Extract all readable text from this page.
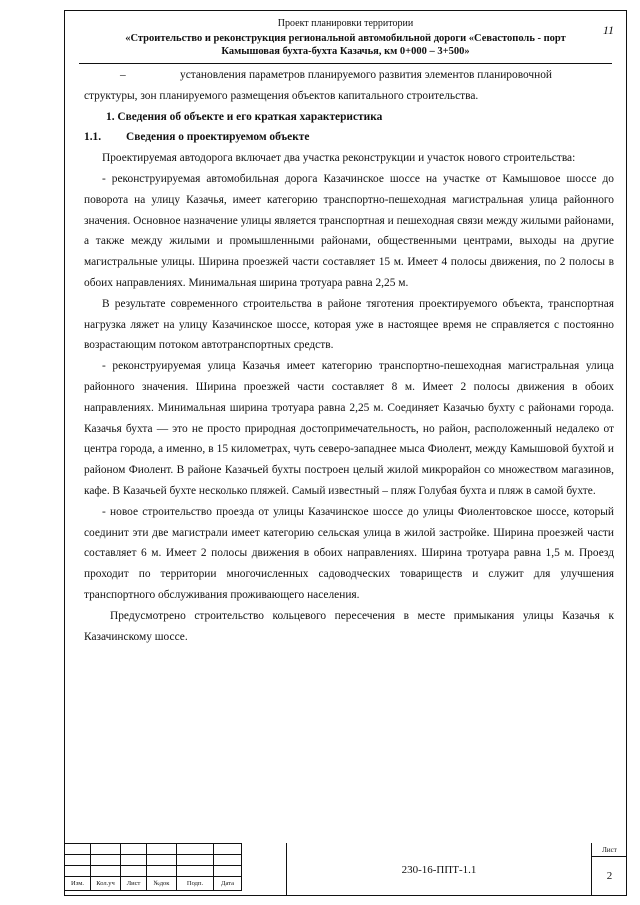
Проект планировки территории
«Строительство и реконструкция региональной автомобильной дороги «Севастополь - порт
Камышовая бухта-бухта Казачья, км 0+000 – 3+500»
11

–	установления параметров планируемого развития элементов планировочной

структуры, зон планируемого размещения объектов капитального строительства.

1. Сведения об объекте и его краткая характеристика

1.1. Сведения о проектируемом объекте

Проектируемая автодорога включает два участка реконструкции и участок нового строительства:

- реконструируемая автомобильная дорога Казачинское шоссе на участке от Камышовое шоссе до поворота на улицу Казачья, имеет категорию транспортно-пешеходная магистральная улица районного значения. Основное назначение улицы является транспортная и пешеходная связи между жилыми районами, а также между жилыми и промышленными районами, общественными центрами, выходы на другие магистральные улицы. Ширина проезжей части составляет 15 м. Имеет 4 полосы движения, по 2 полосы в обоих направлениях. Минимальная ширина тротуара равна 2,25 м.

В результате современного строительства в районе тяготения проектируемого объекта, транспортная нагрузка ляжет на улицу Казачинское шоссе, которая уже в настоящее время не справляется с постоянно возрастающим потоком автотранспортных средств.

- реконструируемая улица Казачья имеет категорию транспортно-пешеходная магистральная улица районного значения. Ширина проезжей части составляет 8 м. Имеет 2 полосы движения в обоих направлениях. Минимальная ширина тротуара равна 2,25 м. Соединяет Казачью бухту с районами города. Казачья бухта — это не просто природная достопримечательность, но район, расположенный недалеко от центра города, а именно, в 15 километрах, чуть северо-западнее мыса Фиолент, между Камышовой бухтой и районом Фиолент. В районе Казачьей бухты построен целый жилой микрорайон со множеством магазинов, кафе. В Казачьей бухте несколько пляжей. Самый известный – пляж Голубая бухта и пляж в самой бухте.

- новое строительство проезда от улицы Казачинское шоссе до улицы Фиолентовское шоссе, который соединит эти две магистрали имеет категорию сельская улица в жилой застройке. Ширина проезжей части составляет 6 м. Имеет 2 полосы движения в обоих направлениях. Ширина тротуара равна 1,5 м. Проезд проходит по территории многочисленных садоводческих товариществ и служит для улучшения транспортного обслуживания проживающего населения.

Предусмотрено строительство кольцевого пересечения в месте примыкания улицы Казачья к Казачинскому шоссе.

Изм.	Кол.уч	Лист	№док	Подп.	Дата
230-16-ППТ-1.1
Лист
2
